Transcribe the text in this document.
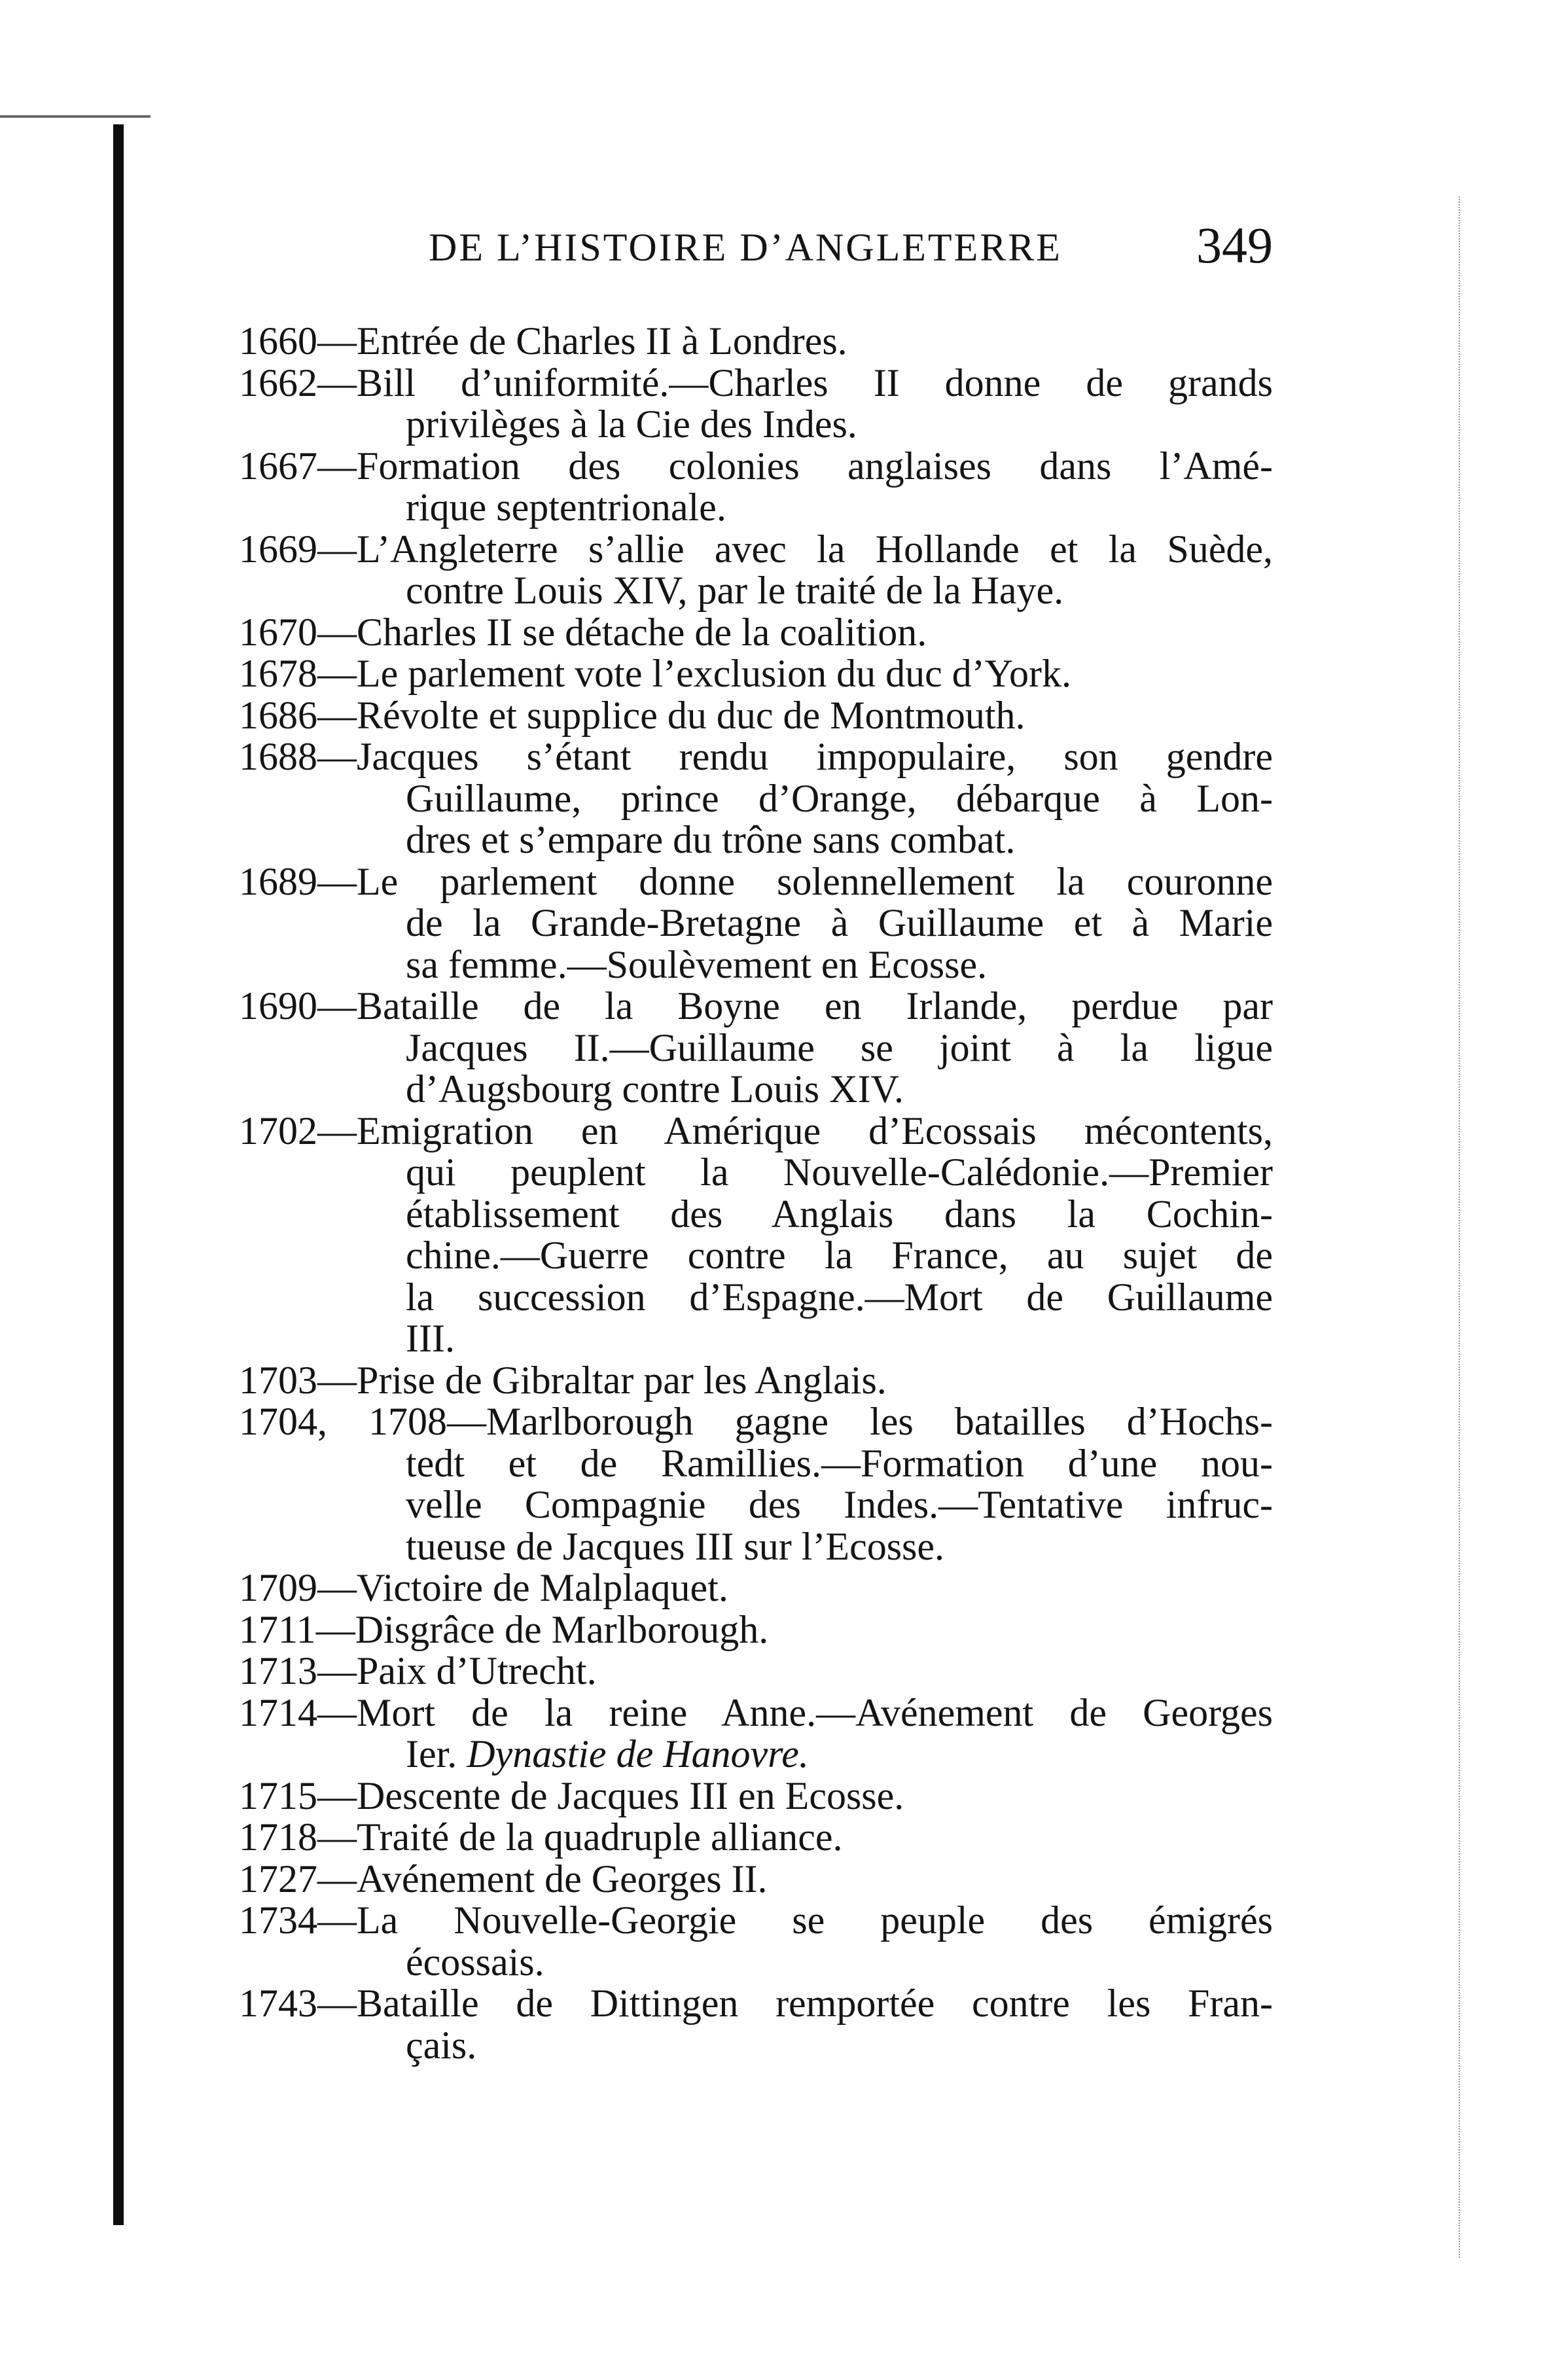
DE L’HISTOIRE D’ANGLETERRE	349

1660—Entrée de Charles II à Londres.

1662—Bill d’uniformité.—Charles II donne de grands
privilèges à la Cie des Indes.

1667—Formation des colonies anglaises dans l’Amé-
rique septentrionale.

1669—L’Angleterre s’allie avec la Hollande et la Suède,
contre Louis XIV, par le traité de la Haye.

1670—Charles II se détache de la coalition.

1678—Le parlement vote l’exclusion du duc d’York.

1686—Révolte et supplice du duc de Montmouth.

1688—Jacques s’étant rendu impopulaire, son gendre
Guillaume, prince d’Orange, débarque à Lon-
dres et s’empare du trône sans combat.

1689—Le parlement donne solennellement la couronne
de la Grande-Bretagne à Guillaume et à Marie
sa femme.—Soulèvement en Ecosse.

1690—Bataille de la Boyne en Irlande, perdue par
Jacques II.—Guillaume se joint à la ligue
d’Augsbourg contre Louis XIV.

1702—Emigration en Amérique d’Ecossais mécontents,
qui peuplent la Nouvelle-Calédonie.—Premier
établissement des Anglais dans la Cochin-
chine.—Guerre contre la France, au sujet de
la succession d’Espagne.—Mort de Guillaume
III.

1703—Prise de Gibraltar par les Anglais.

1704, 1708—Marlborough gagne les batailles d’Hochs-
tedt et de Ramillies.—Formation d’une nou-
velle Compagnie des Indes.—Tentative infruc-
tueuse de Jacques III sur l’Ecosse.

1709—Victoire de Malplaquet.

1711—Disgrâce de Marlborough.

1713—Paix d’Utrecht.

1714—Mort de la reine Anne.—Avénement de Georges
Ier. Dynastie de Hanovre.

1715—Descente de Jacques III en Ecosse.

1718—Traité de la quadruple alliance.

1727—Avénement de Georges II.

1734—La Nouvelle-Georgie se peuple des émigrés
écossais.

1743—Bataille de Dittingen remportée contre les Fran-
çais.
